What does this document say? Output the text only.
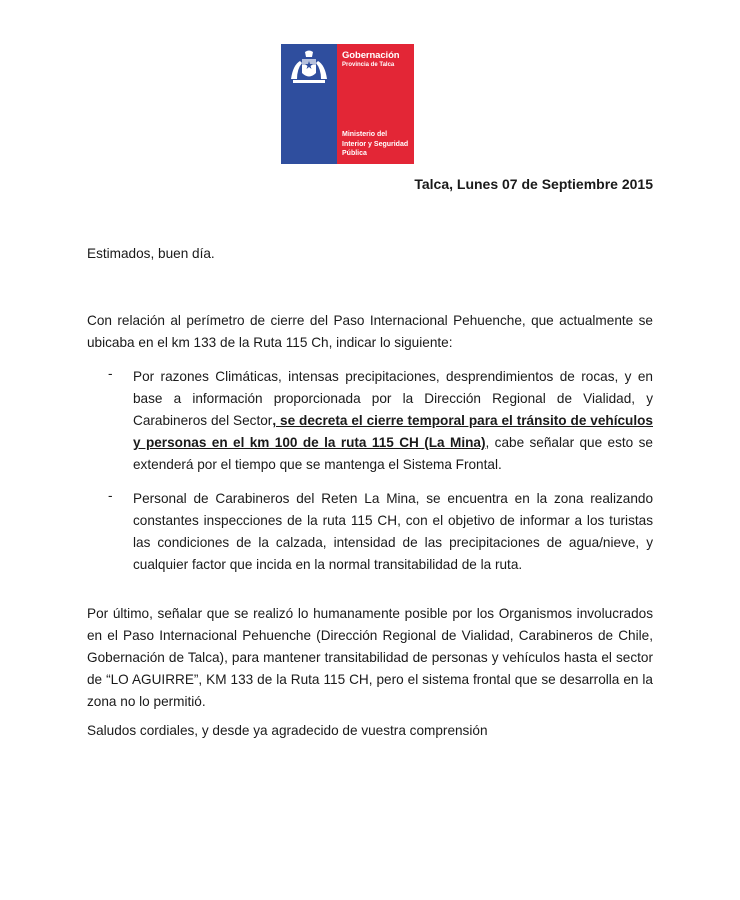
Gobernación
Provincia de Talca
Ministerio del Interior y Seguridad Pública
Talca, Lunes 07 de Septiembre 2015
Estimados, buen día.
Con relación al perímetro de cierre del Paso Internacional Pehuenche, que actualmente se ubicaba en el km 133 de la Ruta 115 Ch, indicar lo siguiente:
- Por razones Climáticas, intensas precipitaciones, desprendimientos de rocas, y en base a información proporcionada por la Dirección Regional de Vialidad, y Carabineros del Sector, se decreta el cierre temporal para el tránsito de vehículos y personas en el km 100 de la ruta 115 CH (La Mina), cabe señalar que esto se extenderá por el tiempo que se mantenga el Sistema Frontal.
- Personal de Carabineros del Reten La Mina, se encuentra en la zona realizando constantes inspecciones de la ruta 115 CH, con el objetivo de informar a los turistas las condiciones de la calzada, intensidad de las precipitaciones de agua/nieve, y cualquier factor que incida en la normal transitabilidad de la ruta.
Por último, señalar que se realizó lo humanamente posible por los Organismos involucrados en el Paso Internacional Pehuenche (Dirección Regional de Vialidad, Carabineros de Chile, Gobernación de Talca), para mantener transitabilidad de personas y vehículos hasta el sector de “LO AGUIRRE”, KM 133 de la Ruta 115 CH, pero el sistema frontal que se desarrolla en la zona no lo permitió.
Saludos cordiales, y desde ya agradecido de vuestra comprensión
